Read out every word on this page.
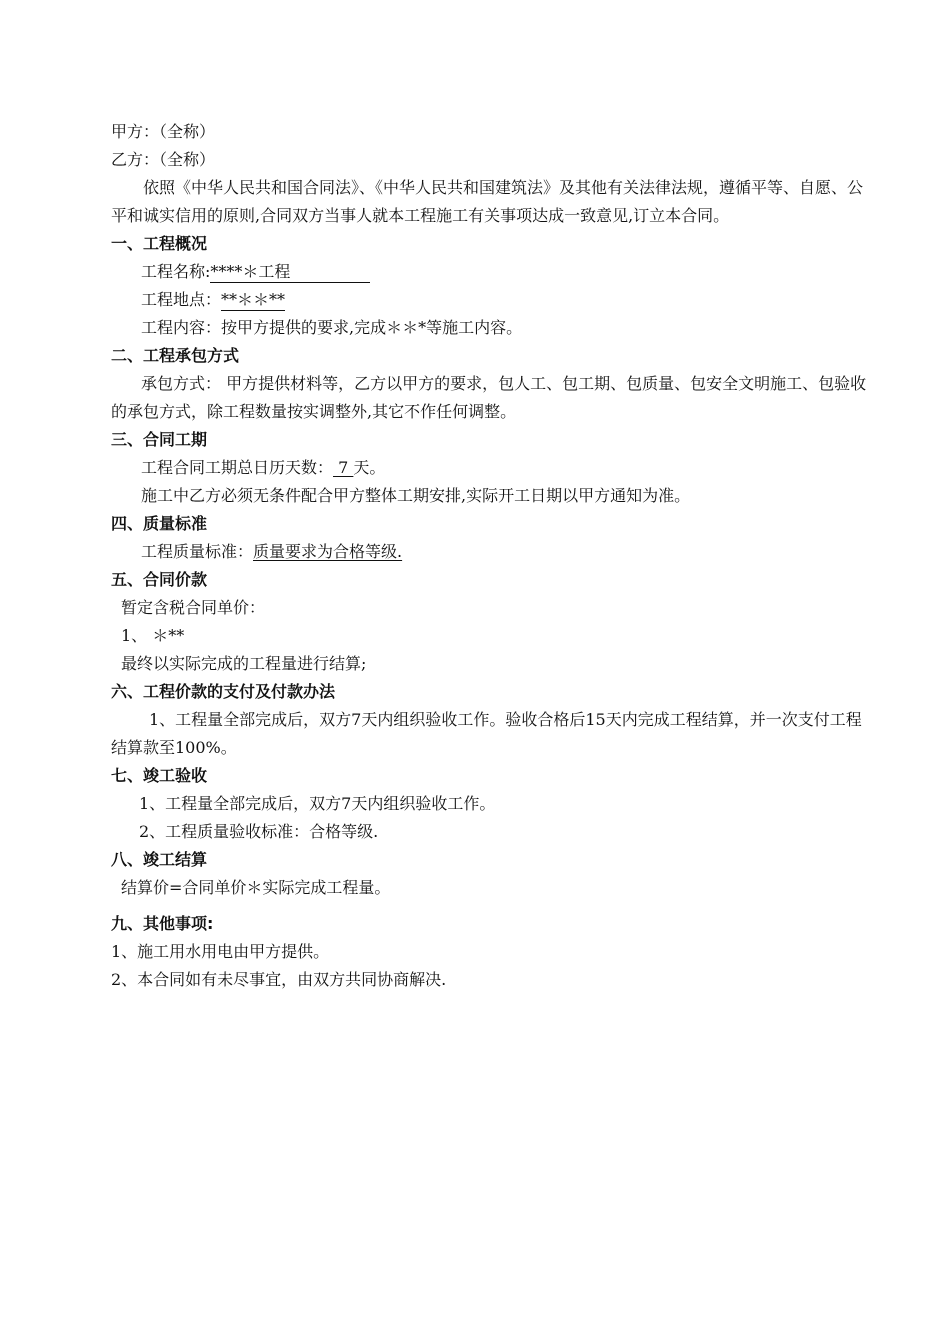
甲方：（全称）
乙方：（全称）
依照《中华人民共和国合同法》、《中华人民共和国建筑法》及其他有关法律法规，遵循平等、自愿、公平和诚实信用的原则,合同双方当事人就本工程施工有关事项达成一致意见,订立本合同。
一、工程概况
工程名称:****＊工程
工程地点：**＊＊**
工程内容：按甲方提供的要求,完成＊＊*等施工内容。
二、工程承包方式
承包方式： 甲方提供材料等，乙方以甲方的要求，包人工、包工期、包质量、包安全文明施工、包验收的承包方式，除工程数量按实调整外,其它不作任何调整。
三、合同工期
工程合同工期总日历天数： 7 天。
施工中乙方必须无条件配合甲方整体工期安排,实际开工日期以甲方通知为准。
四、质量标准
工程质量标准：质量要求为合格等级.
五、合同价款
暂定含税合同单价：
1、 ＊**
最终以实际完成的工程量进行结算;
六、工程价款的支付及付款办法
1、工程量全部完成后，双方7天内组织验收工作。验收合格后15天内完成工程结算，并一次支付工程结算款至100%。
七、竣工验收
1、工程量全部完成后，双方7天内组织验收工作。
2、工程质量验收标准：合格等级.
八、竣工结算
结算价=合同单价＊实际完成工程量。
九、其他事项:
1、施工用水用电由甲方提供。
2、本合同如有未尽事宜，由双方共同协商解决.
